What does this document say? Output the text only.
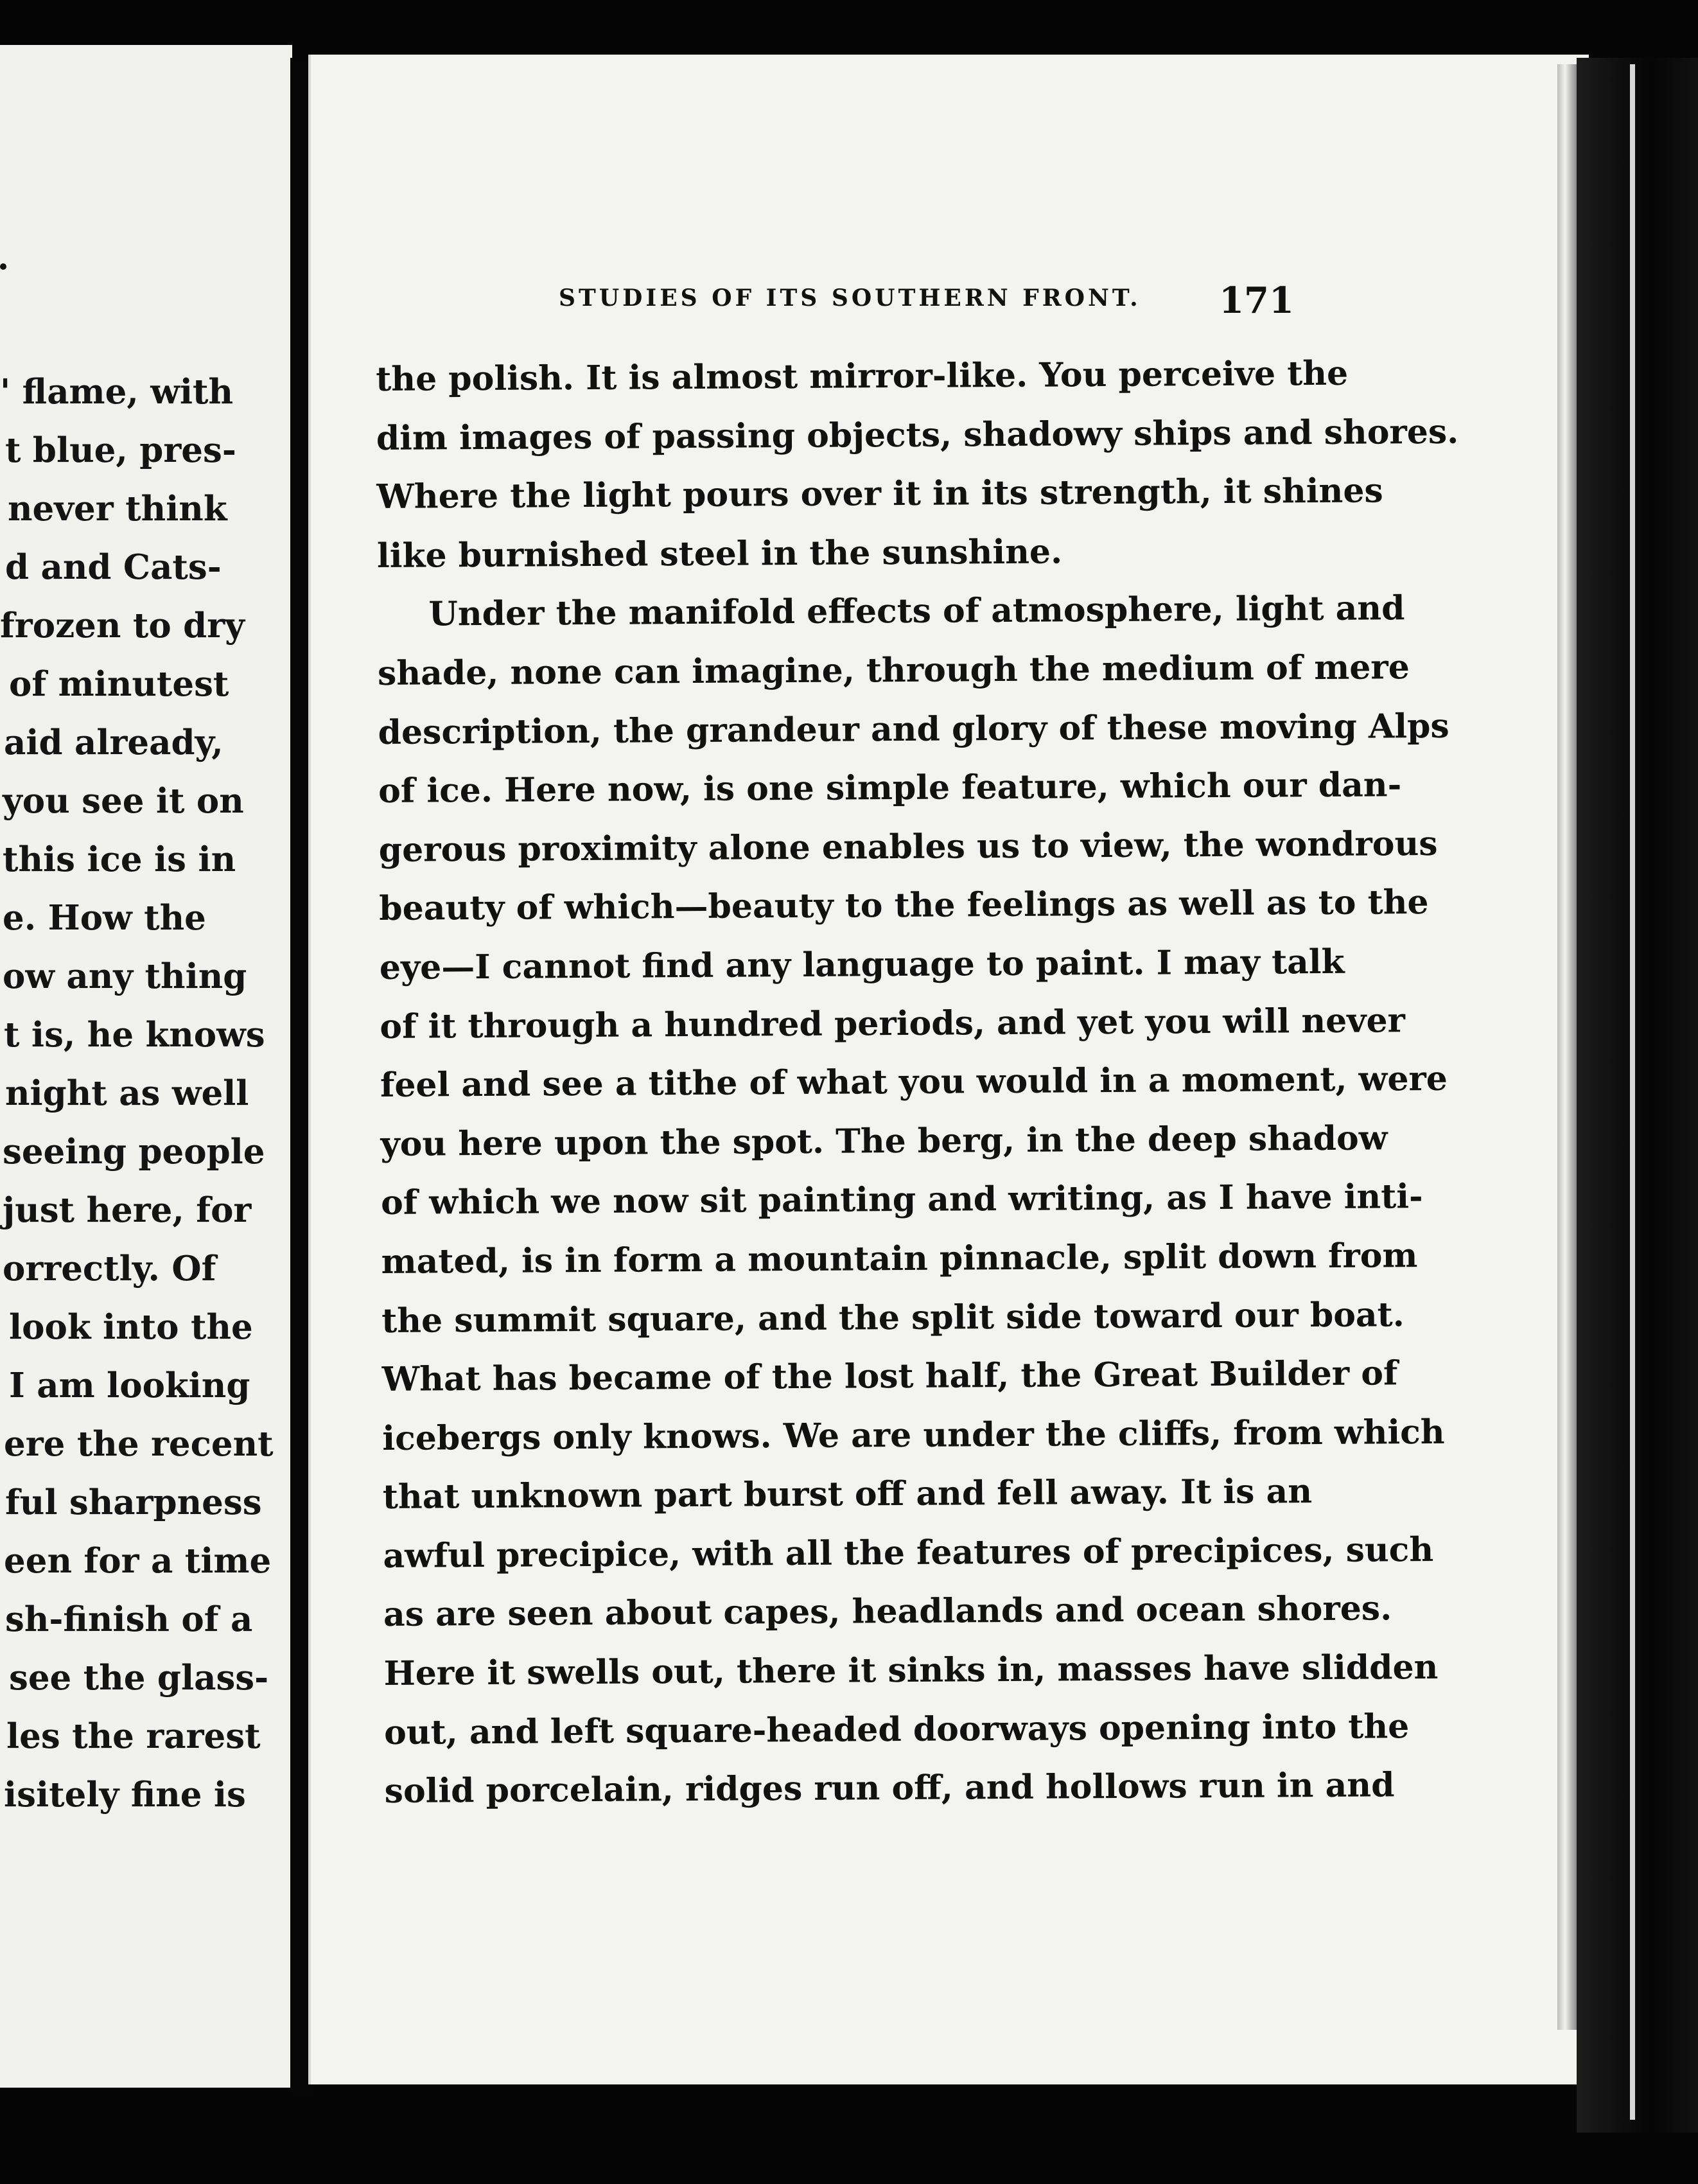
' flame, with
t blue, pres-
never think
d and Cats-
frozen to dry
of minutest
aid already,
you see it on
this ice is in
e. How the
ow any thing
t is, he knows
night as well
seeing people
just here, for
orrectly. Of
look into the
I am looking
ere the recent
ful sharpness
een for a time
sh-finish of a
see the glass-
les the rarest
isitely fine is
STUDIES OF ITS SOUTHERN FRONT. 171
the polish. It is almost mirror-like. You perceive the
dim images of passing objects, shadowy ships and shores.
Where the light pours over it in its strength, it shines
like burnished steel in the sunshine.
Under the manifold effects of atmosphere, light and
shade, none can imagine, through the medium of mere
description, the grandeur and glory of these moving Alps
of ice. Here now, is one simple feature, which our dan-
gerous proximity alone enables us to view, the wondrous
beauty of which—beauty to the feelings as well as to the
eye—I cannot find any language to paint. I may talk
of it through a hundred periods, and yet you will never
feel and see a tithe of what you would in a moment, were
you here upon the spot. The berg, in the deep shadow
of which we now sit painting and writing, as I have inti-
mated, is in form a mountain pinnacle, split down from
the summit square, and the split side toward our boat.
What has became of the lost half, the Great Builder of
icebergs only knows. We are under the cliffs, from which
that unknown part burst off and fell away. It is an
awful precipice, with all the features of precipices, such
as are seen about capes, headlands and ocean shores.
Here it swells out, there it sinks in, masses have slidden
out, and left square-headed doorways opening into the
solid porcelain, ridges run off, and hollows run in and
